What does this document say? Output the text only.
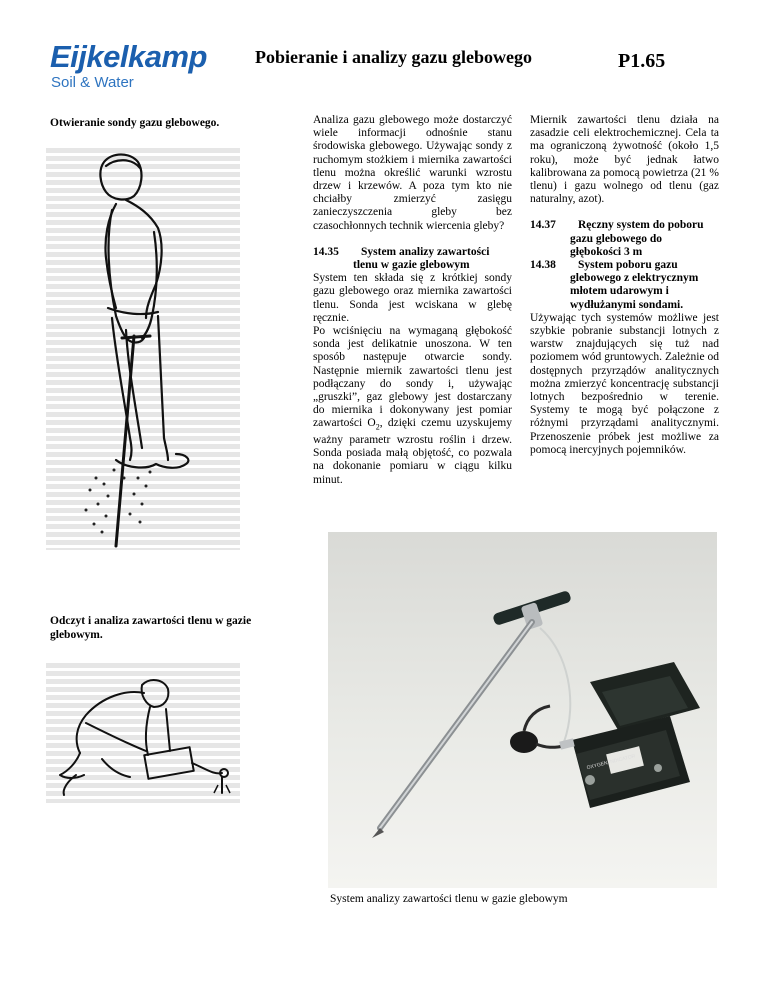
Eijkelkamp
Soil & Water
Pobieranie i analizy gazu glebowego	P1.65
Otwieranie sondy gazu glebowego.
Odczyt i analiza zawartości tlenu w gazie glebowym.

Analiza gazu glebowego może dostarczyć wiele informacji odnośnie stanu środowiska glebowego. Używając sondy z ruchomym stożkiem i miernika zawartości tlenu można określić warunki wzrostu drzew i krzewów. A poza tym kto nie chciałby zmierzyć zasięgu zanieczyszczenia gleby bez czasochłonnych technik wiercenia gleby?

14.35 System analizy zawartości
tlenu w gazie glebowym

System ten składa się z krótkiej sondy gazu glebowego oraz miernika zawartości tlenu. Sonda jest wciskana w glebę ręcznie.

Po wciśnięciu na wymaganą głębokość sonda jest delikatnie unoszona. W ten sposób następuje otwarcie sondy. Następnie miernik zawartości tlenu jest podłączany do sondy i, używając „gruszki”, gaz glebowy jest dostarczany do miernika i dokonywany jest pomiar zawartości $O_2$, dzięki czemu uzyskujemy ważny parametr wzrostu roślin i drzew. Sonda posiada małą objętość, co pozwala na dokonanie pomiaru w ciągu kilku minut.

Miernik zawartości tlenu działa na zasadzie celi elektrochemicznej. Cela ta ma ograniczoną żywotność (około 1,5 roku), może być jednak łatwo kalibrowana za pomocą powietrza (21 % tlenu) i gazu wolnego od tlenu (gaz naturalny, azot).

14.37 Ręczny system do poboru
gazu glebowego do
głębokości 3 m

14.38 System poboru gazu
glebowego z elektrycznym
młotem udarowym i
wydłużanymi sondami.

Używając tych systemów możliwe jest szybkie pobranie substancji lotnych z warstw znajdujących się tuż nad poziomem wód gruntowych. Zależnie od dostępnych przyrządów analitycznych można zmierzyć koncentrację substancji lotnych bezpośrednio w terenie. Systemy te mogą być połączone z różnymi przyrządami analitycznymi. Przenoszenie próbek jest możliwe za pomocą inercyjnych pojemników.

OXYGEN INDICATOR
System analizy zawartości tlenu w gazie glebowym
